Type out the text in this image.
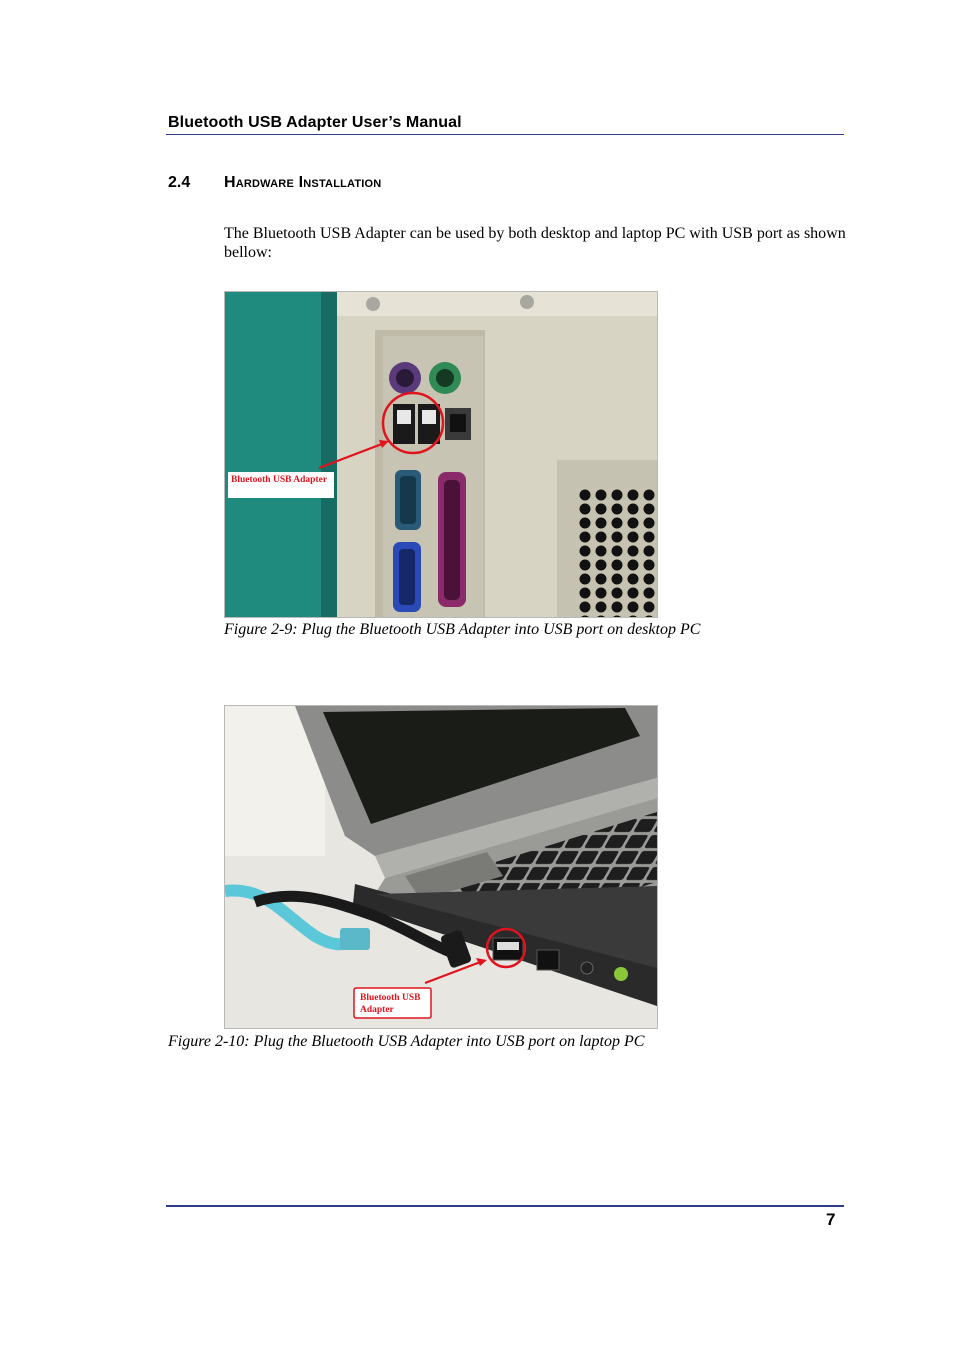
Bluetooth USB Adapter User’s Manual
2.4 Hardware Installation
The Bluetooth USB Adapter can be used by both desktop and laptop PC with USB port as shown bellow:
Bluetooth USB Adapter
Figure 2-9: Plug the Bluetooth USB Adapter into USB port on desktop PC
Bluetooth USB
Adapter
Figure 2-10: Plug the Bluetooth USB Adapter into USB port on laptop PC
7
